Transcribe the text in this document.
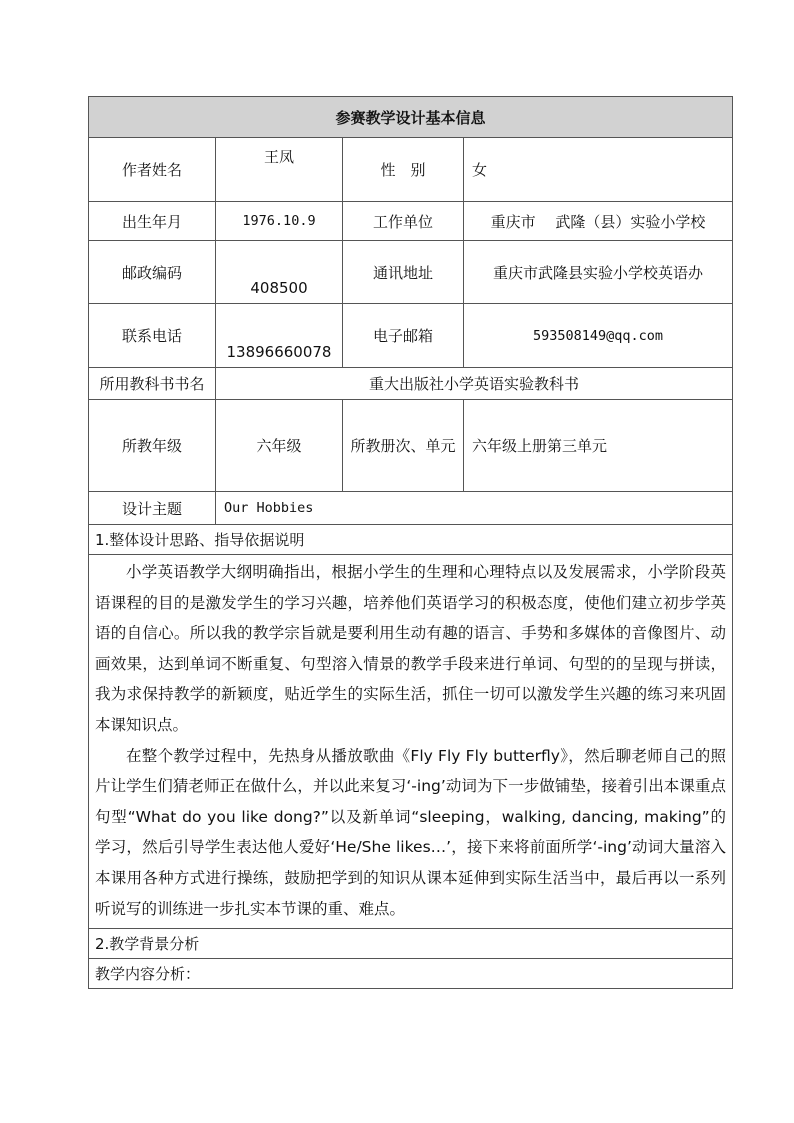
参赛教学设计基本信息			
作者姓名	王凤	性　别	女
出生年月	1976.10.9	工作单位	重庆市　 武隆（县）实验小学校
邮政编码	408500	通讯地址	重庆市武隆县实验小学校英语办
联系电话	13896660078	电子邮箱	593508149@qq.com
所用教科书书名	重大出版社小学英语实验教科书		
所教年级	六年级	所教册次、单元	六年级上册第三单元
设计主题	Our Hobbies		
1.整体设计思路、指导依据说明			

小学英语教学大纲明确指出，根据小学生的生理和心理特点以及发展需求，小学阶段英语课程的目的是激发学生的学习兴趣，培养他们英语学习的积极态度，使他们建立初步学英语的自信心。所以我的教学宗旨就是要利用生动有趣的语言、手势和多媒体的音像图片、动画效果，达到单词不断重复、句型溶入情景的教学手段来进行单词、句型的的呈现与拼读，我为求保持教学的新颖度，贴近学生的实际生活，抓住一切可以激发学生兴趣的练习来巩固本课知识点。

在整个教学过程中，先热身从播放歌曲《Fly Fly Fly butterfly》，然后聊老师自己的照片让学生们猜老师正在做什么，并以此来复习‘-ing’动词为下一步做铺垫，接着引出本课重点句型“What do you like dong?”以及新单词“sleeping，walking, dancing, making”的学习，然后引导学生表达他人爱好‘He/She likes…’，接下来将前面所学‘-ing’动词大量溶入本课用各种方式进行操练，鼓励把学到的知识从课本延伸到实际生活当中，最后再以一系列听说写的训练进一步扎实本节课的重、难点。			

2.教学背景分析			
教学内容分析：			
